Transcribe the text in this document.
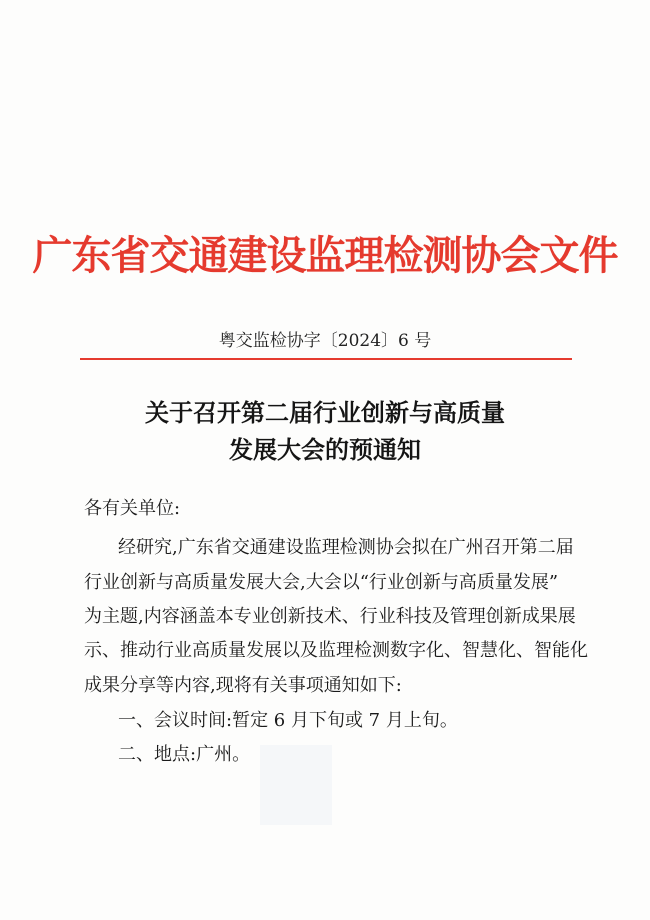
广东省交通建设监理检测协会文件
粤交监检协字〔2024〕6 号
关于召开第二届行业创新与高质量
发展大会的预通知
各有关单位:
经研究,广东省交通建设监理检测协会拟在广州召开第二届
行业创新与高质量发展大会,大会以“行业创新与高质量发展”
为主题,内容涵盖本专业创新技术、行业科技及管理创新成果展
示、推动行业高质量发展以及监理检测数字化、智慧化、智能化
成果分享等内容,现将有关事项通知如下:
一、会议时间:暂定 6 月下旬或 7 月上旬。
二、地点:广州。
